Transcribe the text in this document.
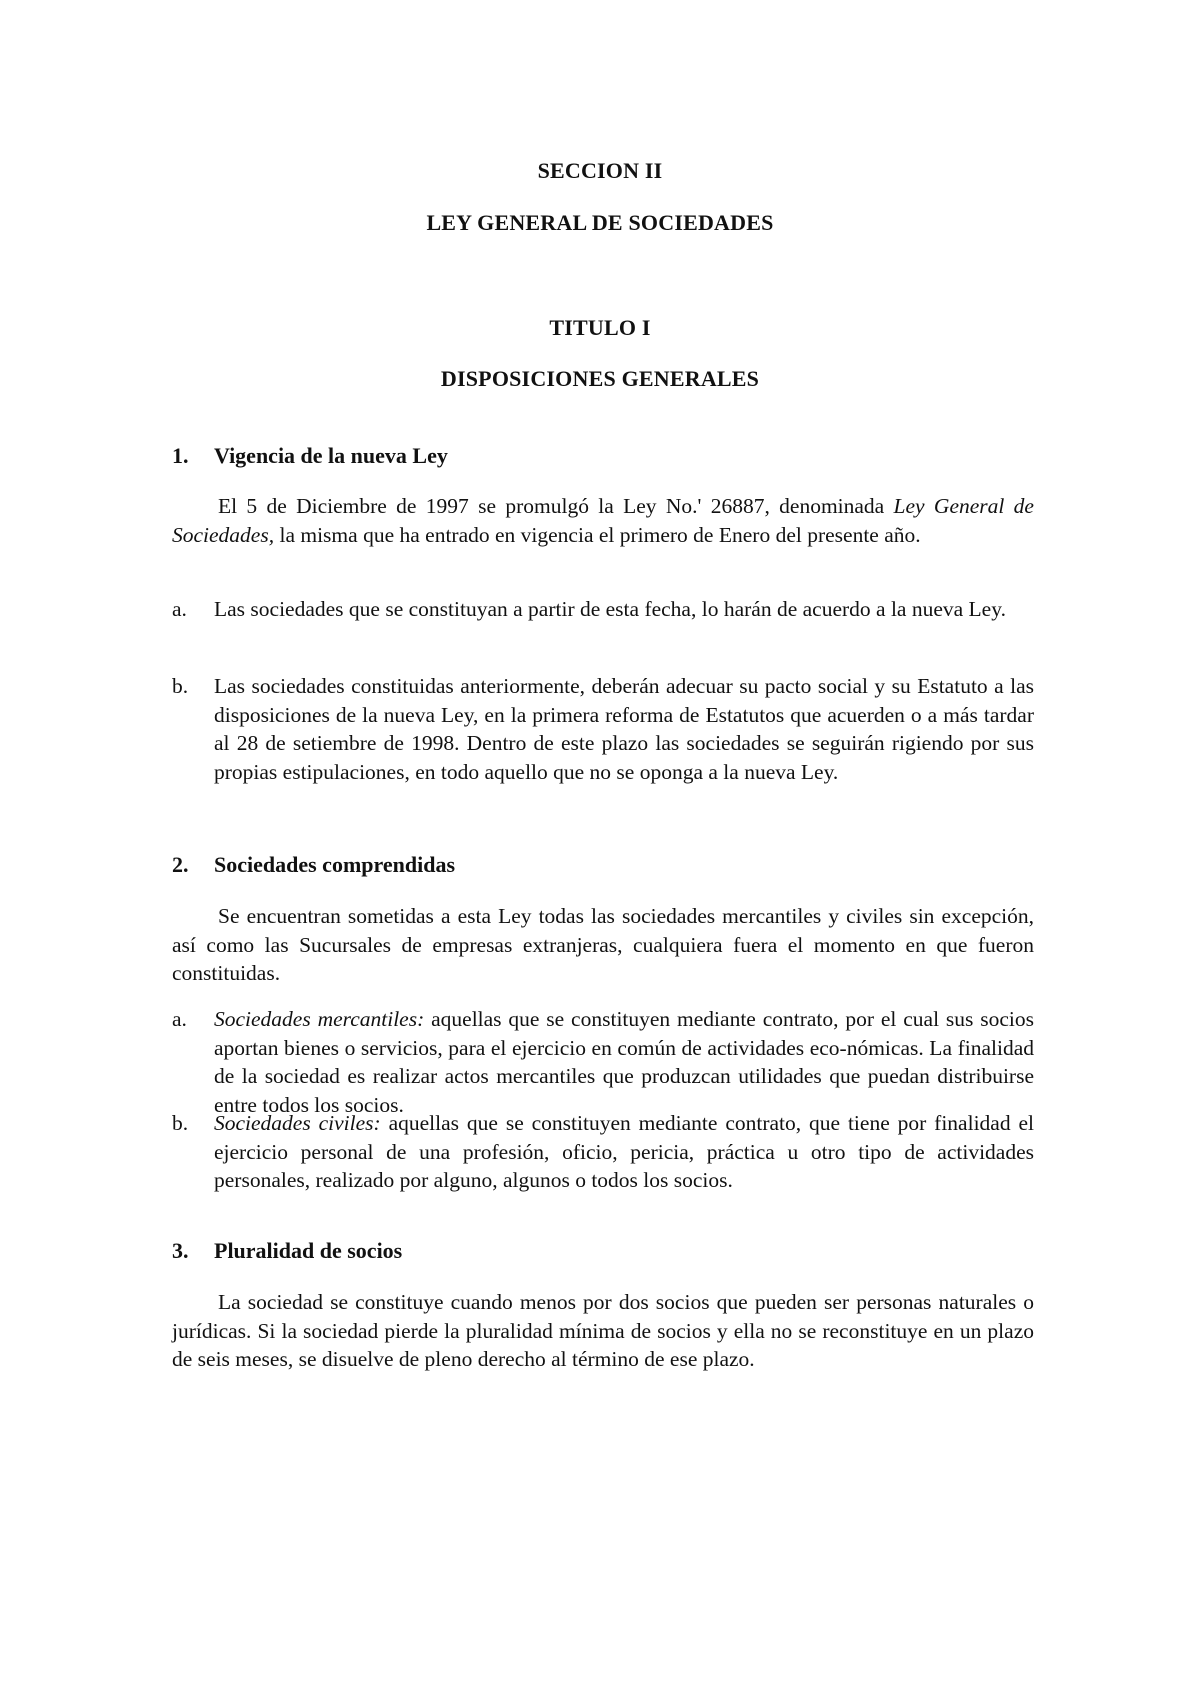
SECCION II
LEY GENERAL DE SOCIEDADES
TITULO I
DISPOSICIONES GENERALES
1. Vigencia de la nueva Ley

El 5 de Diciembre de 1997 se promulgó la Ley No.' 26887, denominada Ley General de Sociedades, la misma que ha entrado en vigencia el primero de Enero del presente año.

a.	Las sociedades que se constituyan a partir de esta fecha, lo harán de acuerdo a la nueva Ley.
b.	Las sociedades constituidas anteriormente, deberán adecuar su pacto social y su Estatuto a las disposiciones de la nueva Ley, en la primera reforma de Estatutos que acuerden o a más tardar al 28 de setiembre de 1998. Dentro de este plazo las sociedades se seguirán rigiendo por sus propias estipulaciones, en todo aquello que no se oponga a la nueva Ley.
2. Sociedades comprendidas

Se encuentran sometidas a esta Ley todas las sociedades mercantiles y civiles sin excepción, así como las Sucursales de empresas extranjeras, cualquiera fuera el momento en que fueron constituidas.

a.	Sociedades mercantiles: aquellas que se constituyen mediante contrato, por el cual sus socios aportan bienes o servicios, para el ejercicio en común de actividades eco-nómicas. La finalidad de la sociedad es realizar actos mercantiles que produzcan utilidades que puedan distribuirse entre todos los socios.
b.	Sociedades civiles: aquellas que se constituyen mediante contrato, que tiene por finalidad el ejercicio personal de una profesión, oficio, pericia, práctica u otro tipo de actividades personales, realizado por alguno, algunos o todos los socios.
3. Pluralidad de socios

La sociedad se constituye cuando menos por dos socios que pueden ser personas naturales o jurídicas. Si la sociedad pierde la pluralidad mínima de socios y ella no se reconstituye en un plazo de seis meses, se disuelve de pleno derecho al término de ese plazo.
